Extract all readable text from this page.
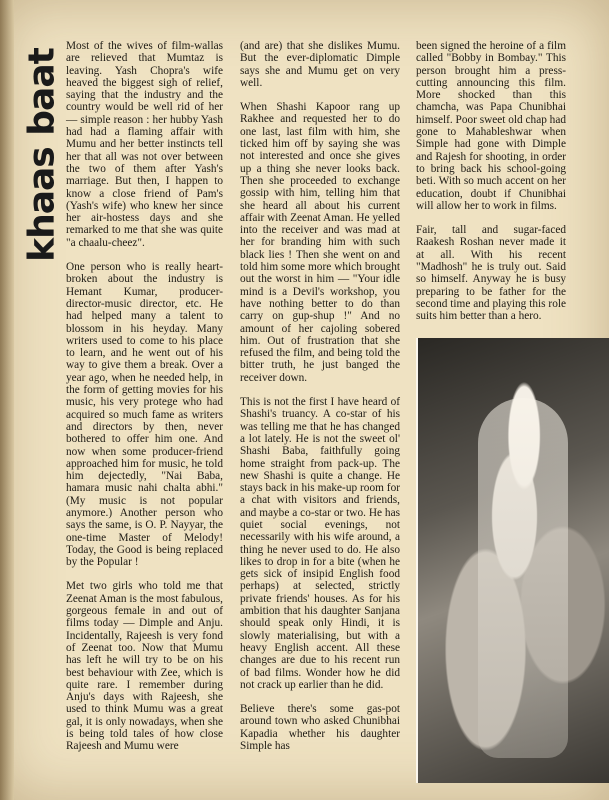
khaas baat

Most of the wives of film-wallas are relieved that Mumtaz is leaving. Yash Chopra's wife heaved the biggest sigh of relief, saying that the industry and the country would be well rid of her — simple reason : her hubby Yash had had a flaming affair with Mumu and her better instincts tell her that all was not over between the two of them after Yash's marriage. But then, I happen to know a close friend of Pam's (Yash's wife) who knew her since her air-hostess days and she remarked to me that she was quite "a chaalu-cheez".

One person who is really heart-broken about the industry is Hemant Kumar, producer-director-music director, etc. He had helped many a talent to blossom in his heyday. Many writers used to come to his place to learn, and he went out of his way to give them a break. Over a year ago, when he needed help, in the form of getting movies for his music, his very protege who had acquired so much fame as writers and directors by then, never bothered to offer him one. And now when some producer-friend approached him for music, he told him dejectedly, "Nai Baba, hamara music nahi chalta abhi." (My music is not popular anymore.) Another person who says the same, is O. P. Nayyar, the one-time Master of Melody! Today, the Good is being replaced by the Popular !

Met two girls who told me that Zeenat Aman is the most fabulous, gorgeous female in and out of films today — Dimple and Anju. Incidentally, Rajeesh is very fond of Zeenat too. Now that Mumu has left he will try to be on his best behaviour with Zee, which is quite rare. I remember during Anju's days with Rajeesh, she used to think Mumu was a great gal, it is only nowadays, when she is being told tales of how close Rajeesh and Mumu were

(and are) that she dislikes Mumu. But the ever-diplomatic Dimple says she and Mumu get on very well.

When Shashi Kapoor rang up Rakhee and requested her to do one last, last film with him, she ticked him off by saying she was not interested and once she gives up a thing she never looks back. Then she proceeded to exchange gossip with him, telling him that she heard all about his current affair with Zeenat Aman. He yelled into the receiver and was mad at her for branding him with such black lies ! Then she went on and told him some more which brought out the worst in him — "Your idle mind is a Devil's workshop, you have nothing better to do than carry on gup-shup !" And no amount of her cajoling sobered him. Out of frustration that she refused the film, and being told the bitter truth, he just banged the receiver down.

This is not the first I have heard of Shashi's truancy. A co-star of his was telling me that he has changed a lot lately. He is not the sweet ol' Shashi Baba, faithfully going home straight from pack-up. The new Shashi is quite a change. He stays back in his make-up room for a chat with visitors and friends, and maybe a co-star or two. He has quiet social evenings, not necessarily with his wife around, a thing he never used to do. He also likes to drop in for a bite (when he gets sick of insipid English food perhaps) at selected, strictly private friends' houses. As for his ambition that his daughter Sanjana should speak only Hindi, it is slowly materialising, but with a heavy English accent. All these changes are due to his recent run of bad films. Wonder how he did not crack up earlier than he did.

Believe there's some gas-pot around town who asked Chunibhai Kapadia whether his daughter Simple has

been signed the heroine of a film called "Bobby in Bombay." This person brought him a press-cutting announcing this film. More shocked than this chamcha, was Papa Chunibhai himself. Poor sweet old chap had gone to Mahableshwar when Simple had gone with Dimple and Rajesh for shooting, in order to bring back his school-going beti. With so much accent on her education, doubt if Chunibhai will allow her to work in films.

Fair, tall and sugar-faced Raakesh Roshan never made it at all. With his recent "Madhosh" he is truly out. Said so himself. Anyway he is busy preparing to be father for the second time and playing this role suits him better than a hero.
